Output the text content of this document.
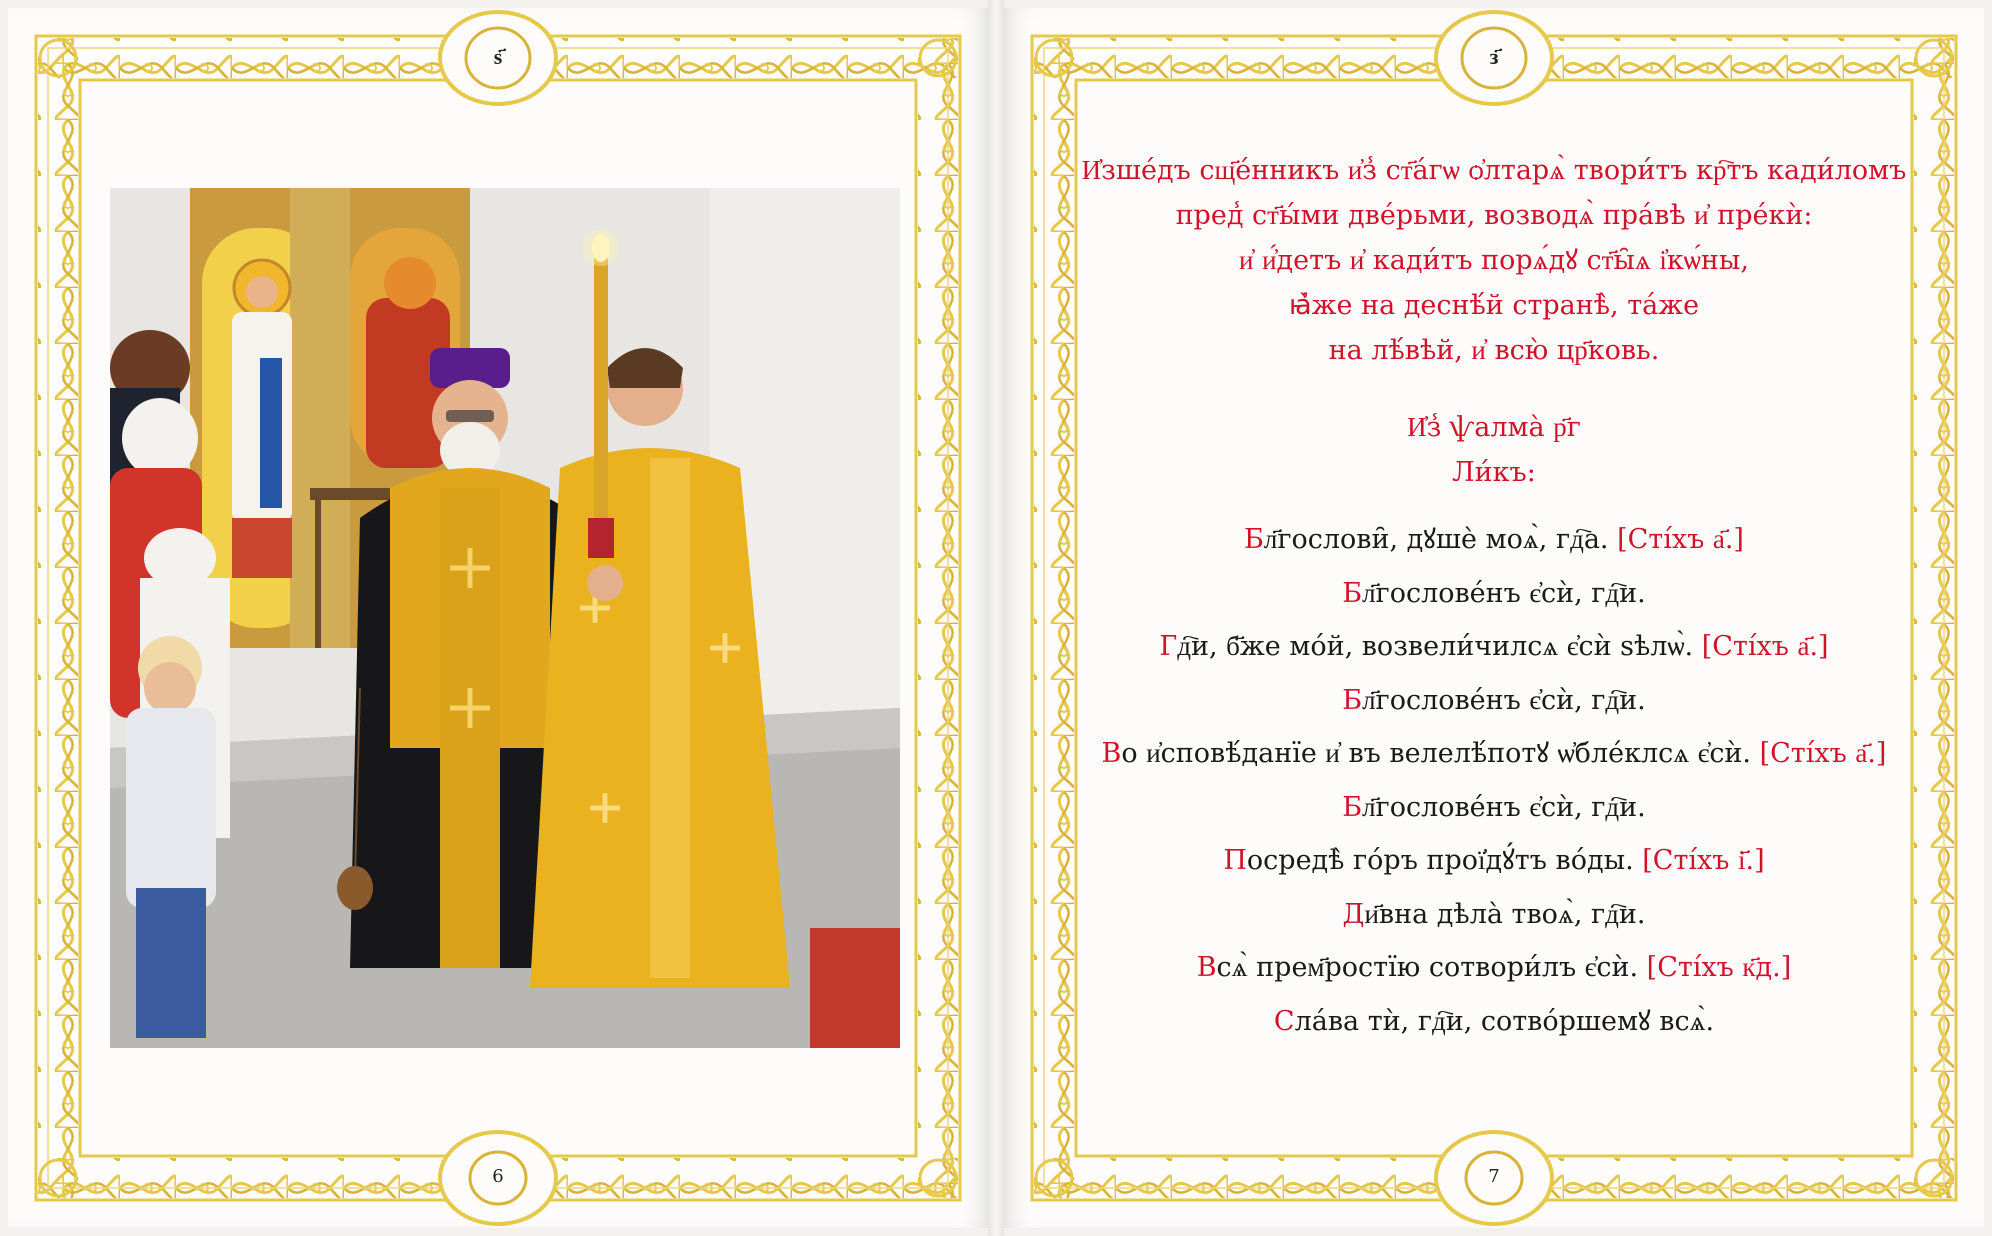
ѕ҃
6
з҃

И҆зше́дъ сщ҃е́нникъ и҆з̾ ст҃а́гѡ ѻ҆лтарѧ̀ твори́тъ кр҇тъ кади́ломъ

пред̾ ст҃ы́ми две́рьми, возводѧ̀ пра́вѣ и҆ пре́кѝ:

и҆ и҆́детъ и҆ кади́тъ порѧ́дꙋ ст҃ы̑ѧ і҆кѡ́ны,

ꙗ҆̀же на деснѣ́й странѣ̀, та́же

на лѣ́вѣй, и҆ всю̀ цр҃ковь.

И҆з̾ ѱалма̀ р҃г

Ли́къ:

Бл҃гослови̑, дꙋшѐ моѧ̀, гд҇а. [Сті́хъ а҃.]

Бл҃гослове́нъ є҆сѝ, гд҇и.

Гд҇и, б҃же мо́й, возвели́чилсѧ є҆сѝ ѕѣлѡ̀. [Сті́хъ а҃.]

Бл҃гослове́нъ є҆сѝ, гд҇и.

Во и҆сповѣ́данїе и҆ въ велелѣ́потꙋ ѡ҆блéклсѧ є҆сѝ. [Сті́хъ а҃.]

Бл҃гослове́нъ є҆сѝ, гд҇и.

Посредѣ̀ го́ръ прої҆дꙋ́тъ во́ды. [Сті́хъ і҃.]

Ди҃вна дѣла̀ твоѧ̀, гд҇и.

Всѧ̀ прем҃ростїю сотвори́лъ є҆сѝ. [Сті́хъ к҃д.]

Сла́ва тѝ, гд҇и, сотво́ршемꙋ всѧ̀.

7
